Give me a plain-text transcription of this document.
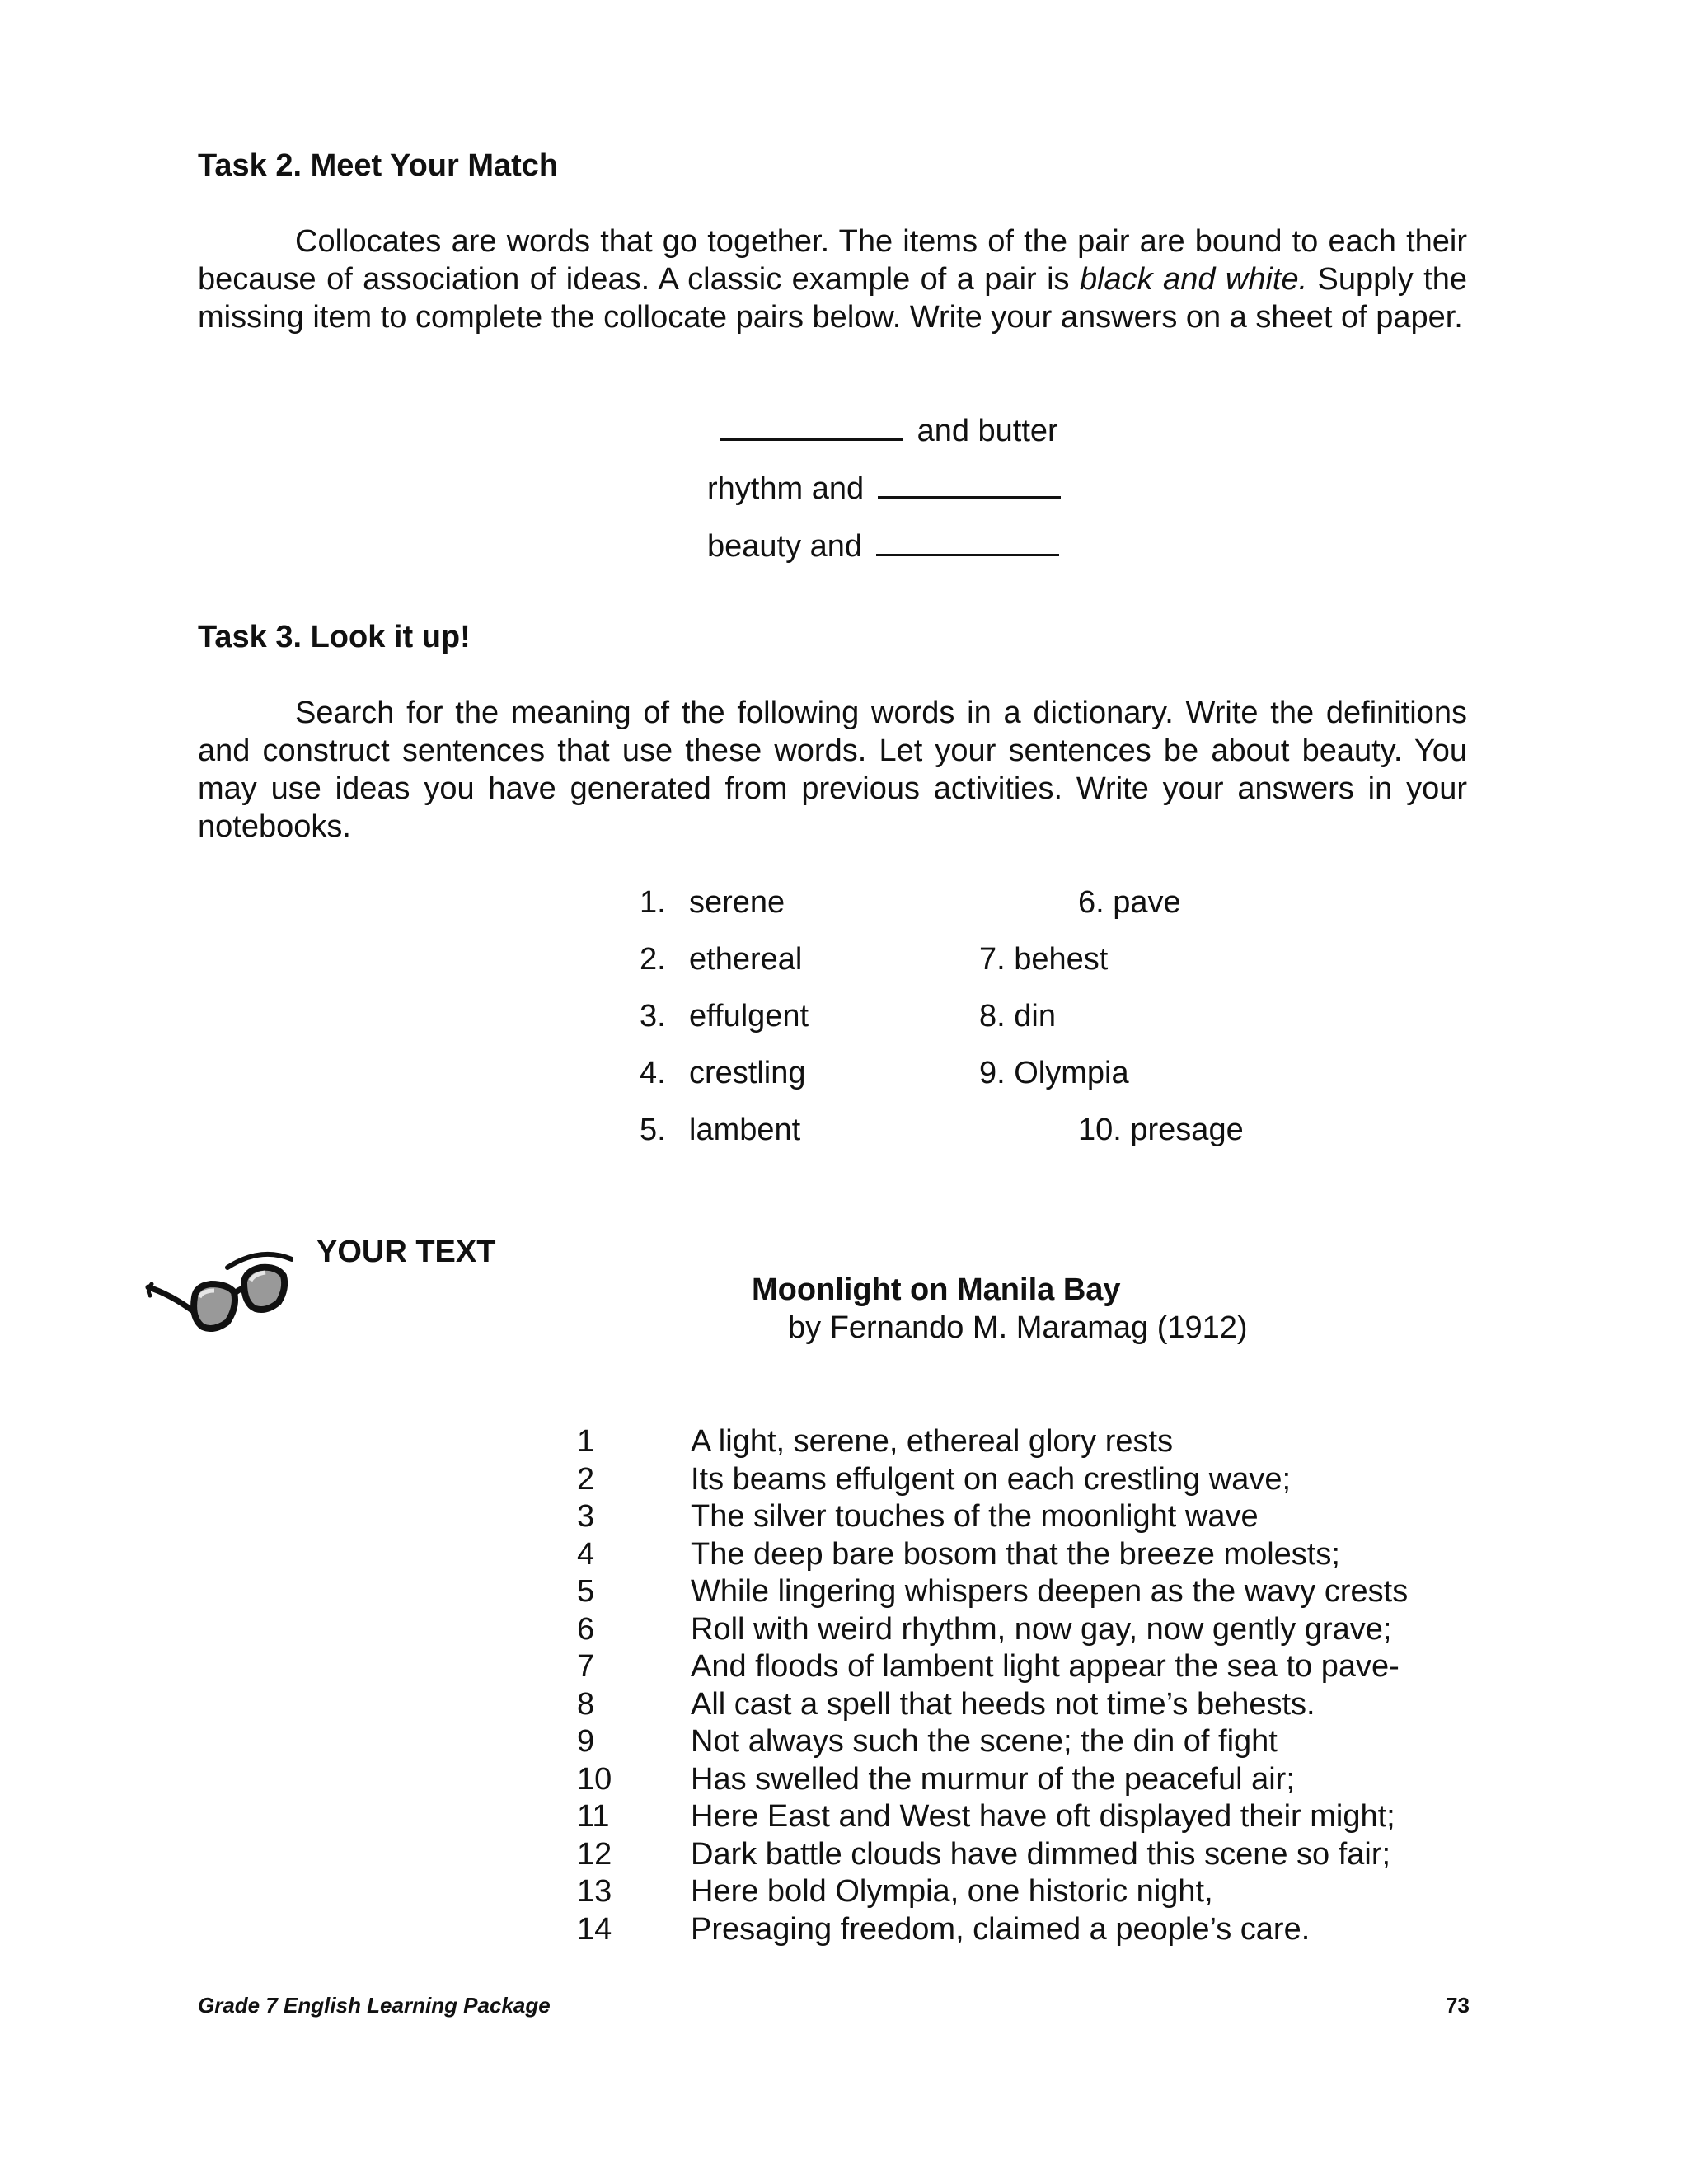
Task 2. Meet Your Match
Collocates are words that go together. The items of the pair are bound to each their because of association of ideas. A classic example of a pair is black and white. Supply the missing item to complete the collocate pairs below. Write your answers on a sheet of paper.
and butter
rhythm and
beauty and
Task 3. Look it up!
Search for the meaning of the following words in a dictionary. Write the definitions and construct sentences that use these words. Let your sentences be about beauty. You may use ideas you have generated from previous activities. Write your answers in your notebooks.
1. serene
2. ethereal
3. effulgent
4. crestling
5. lambent
6. pave
7. behest
8. din
9. Olympia
10. presage
YOUR TEXT
Moonlight on Manila Bay
by Fernando M. Maramag (1912)
1	A light, serene, ethereal glory rests
2	Its beams effulgent on each crestling wave;
3	The silver touches of the moonlight wave
4	The deep bare bosom that the breeze molests;
5	While lingering whispers deepen as the wavy crests
6	Roll with weird rhythm, now gay, now gently grave;
7	And floods of lambent light appear the sea to pave-
8	All cast a spell that heeds not time’s behests.
9	Not always such the scene; the din of fight
10	Has swelled the murmur of the peaceful air;
11	Here East and West have oft displayed their might;
12	Dark battle clouds have dimmed this scene so fair;
13	Here bold Olympia, one historic night,
14	Presaging freedom, claimed a people’s care.
Grade 7 English Learning Package	73
